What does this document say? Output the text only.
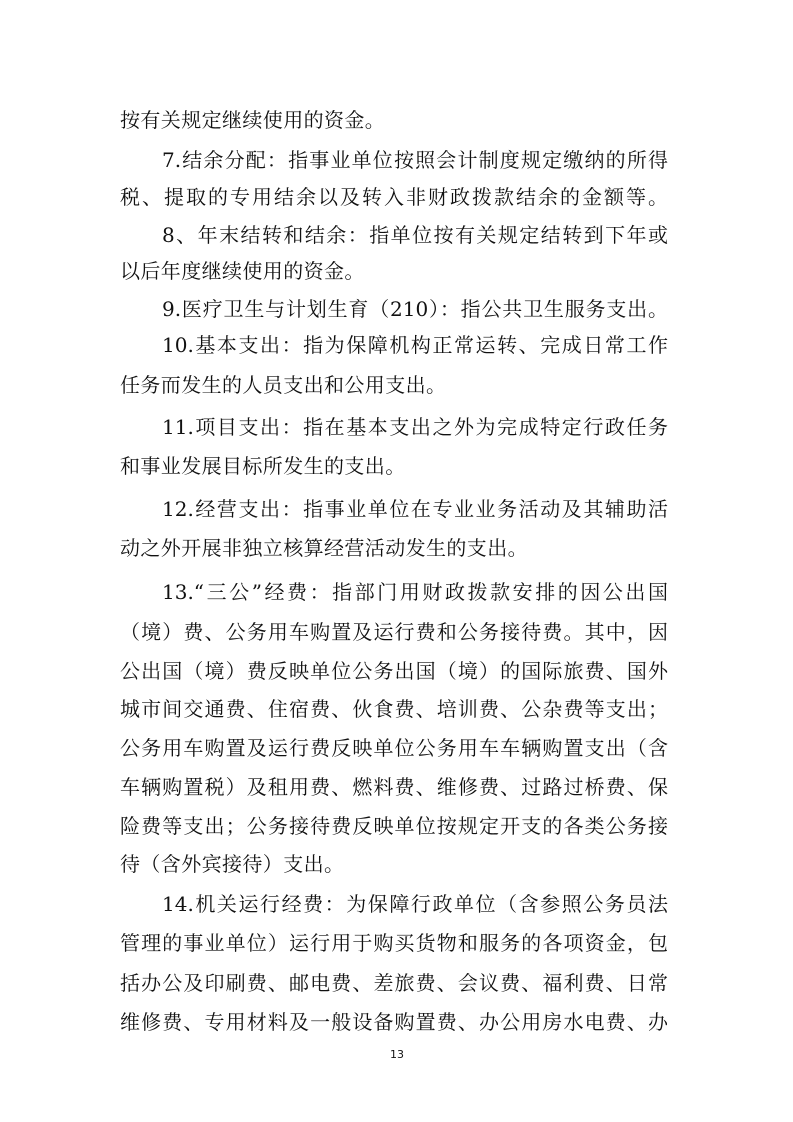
按有关规定继续使用的资金。
7.结余分配：指事业单位按照会计制度规定缴纳的所得
税、提取的专用结余以及转入非财政拨款结余的金额等。
8、年末结转和结余：指单位按有关规定结转到下年或
以后年度继续使用的资金。
9.医疗卫生与计划生育（210）：指公共卫生服务支出。
10.基本支出：指为保障机构正常运转、完成日常工作
任务而发生的人员支出和公用支出。
11.项目支出：指在基本支出之外为完成特定行政任务
和事业发展目标所发生的支出。
12.经营支出：指事业单位在专业业务活动及其辅助活
动之外开展非独立核算经营活动发生的支出。
13.“三公”经费：指部门用财政拨款安排的因公出国
（境）费、公务用车购置及运行费和公务接待费。其中，因
公出国（境）费反映单位公务出国（境）的国际旅费、国外
城市间交通费、住宿费、伙食费、培训费、公杂费等支出；
公务用车购置及运行费反映单位公务用车车辆购置支出（含
车辆购置税）及租用费、燃料费、维修费、过路过桥费、保
险费等支出；公务接待费反映单位按规定开支的各类公务接
待（含外宾接待）支出。
14.机关运行经费：为保障行政单位（含参照公务员法
管理的事业单位）运行用于购买货物和服务的各项资金，包
括办公及印刷费、邮电费、差旅费、会议费、福利费、日常
维修费、专用材料及一般设备购置费、办公用房水电费、办
13
